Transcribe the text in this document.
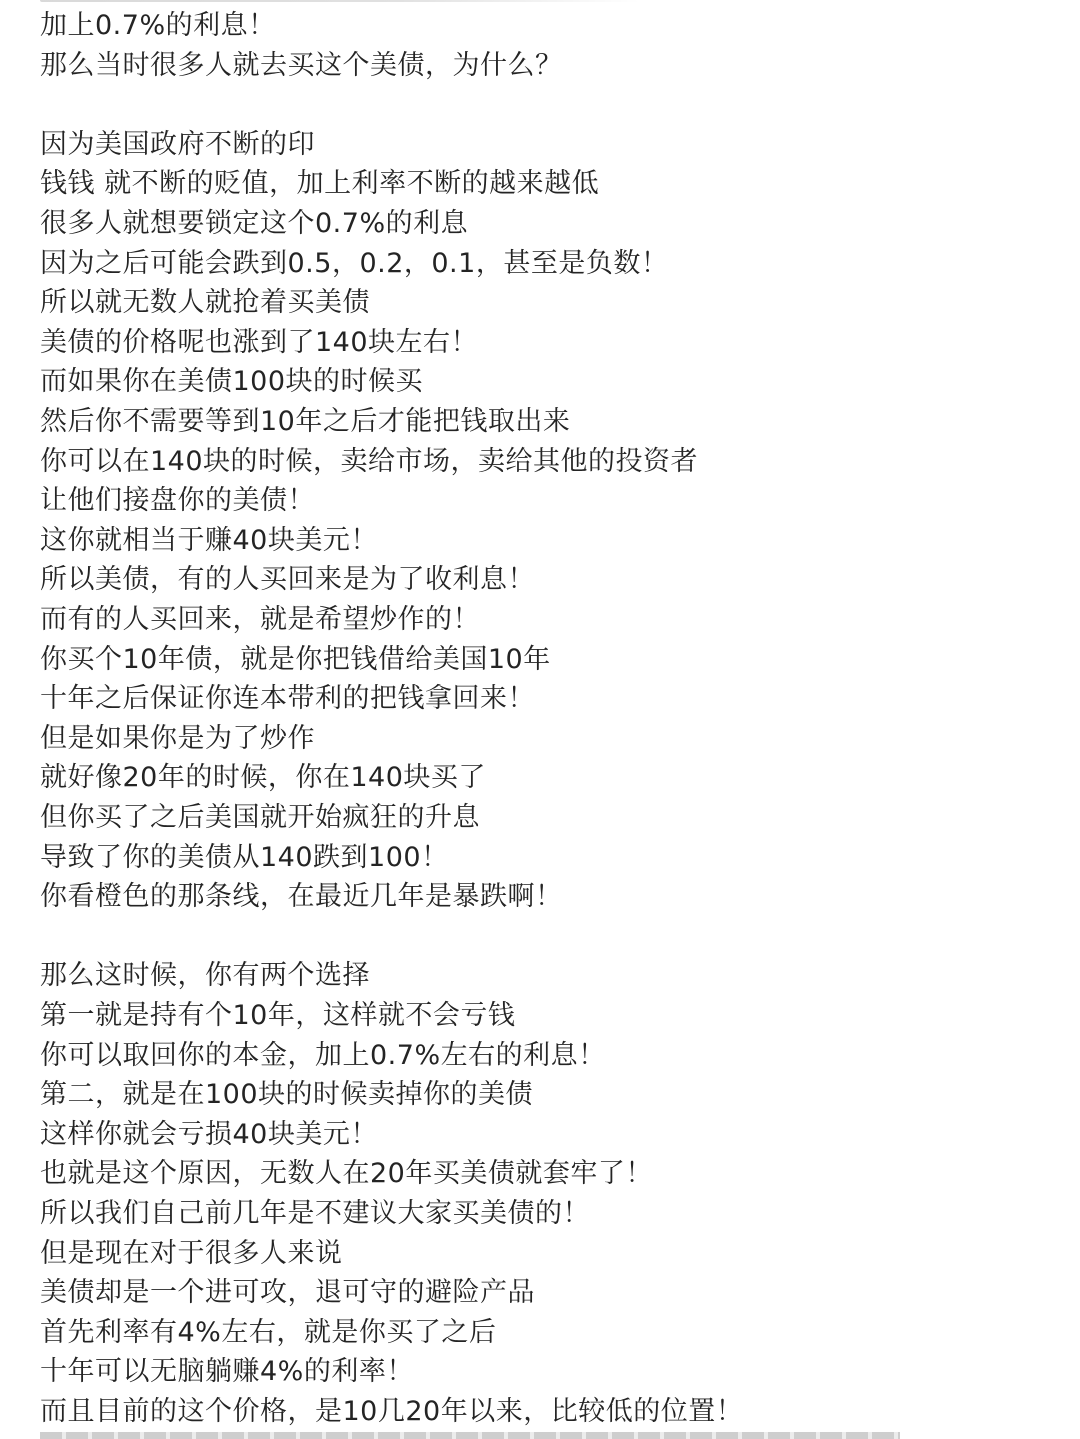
加上0.7%的利息！
那么当时很多人就去买这个美债，为什么？
因为美国政府不断的印
钱钱 就不断的贬值，加上利率不断的越来越低
很多人就想要锁定这个0.7%的利息
因为之后可能会跌到0.5，0.2，0.1，甚至是负数！
所以就无数人就抢着买美债
美债的价格呢也涨到了140块左右！
而如果你在美债100块的时候买
然后你不需要等到10年之后才能把钱取出来
你可以在140块的时候，卖给市场，卖给其他的投资者
让他们接盘你的美债！
这你就相当于赚40块美元！
所以美债，有的人买回来是为了收利息！
而有的人买回来，就是希望炒作的！
你买个10年债，就是你把钱借给美国10年
十年之后保证你连本带利的把钱拿回来！
但是如果你是为了炒作
就好像20年的时候，你在140块买了
但你买了之后美国就开始疯狂的升息
导致了你的美债从140跌到100！
你看橙色的那条线，在最近几年是暴跌啊！
那么这时候，你有两个选择
第一就是持有个10年，这样就不会亏钱
你可以取回你的本金，加上0.7%左右的利息！
第二，就是在100块的时候卖掉你的美债
这样你就会亏损40块美元！
也就是这个原因，无数人在20年买美债就套牢了！
所以我们自己前几年是不建议大家买美债的！
但是现在对于很多人来说
美债却是一个进可攻，退可守的避险产品
首先利率有4%左右，就是你买了之后
十年可以无脑躺赚4%的利率！
而且目前的这个价格，是10几20年以来，比较低的位置！
